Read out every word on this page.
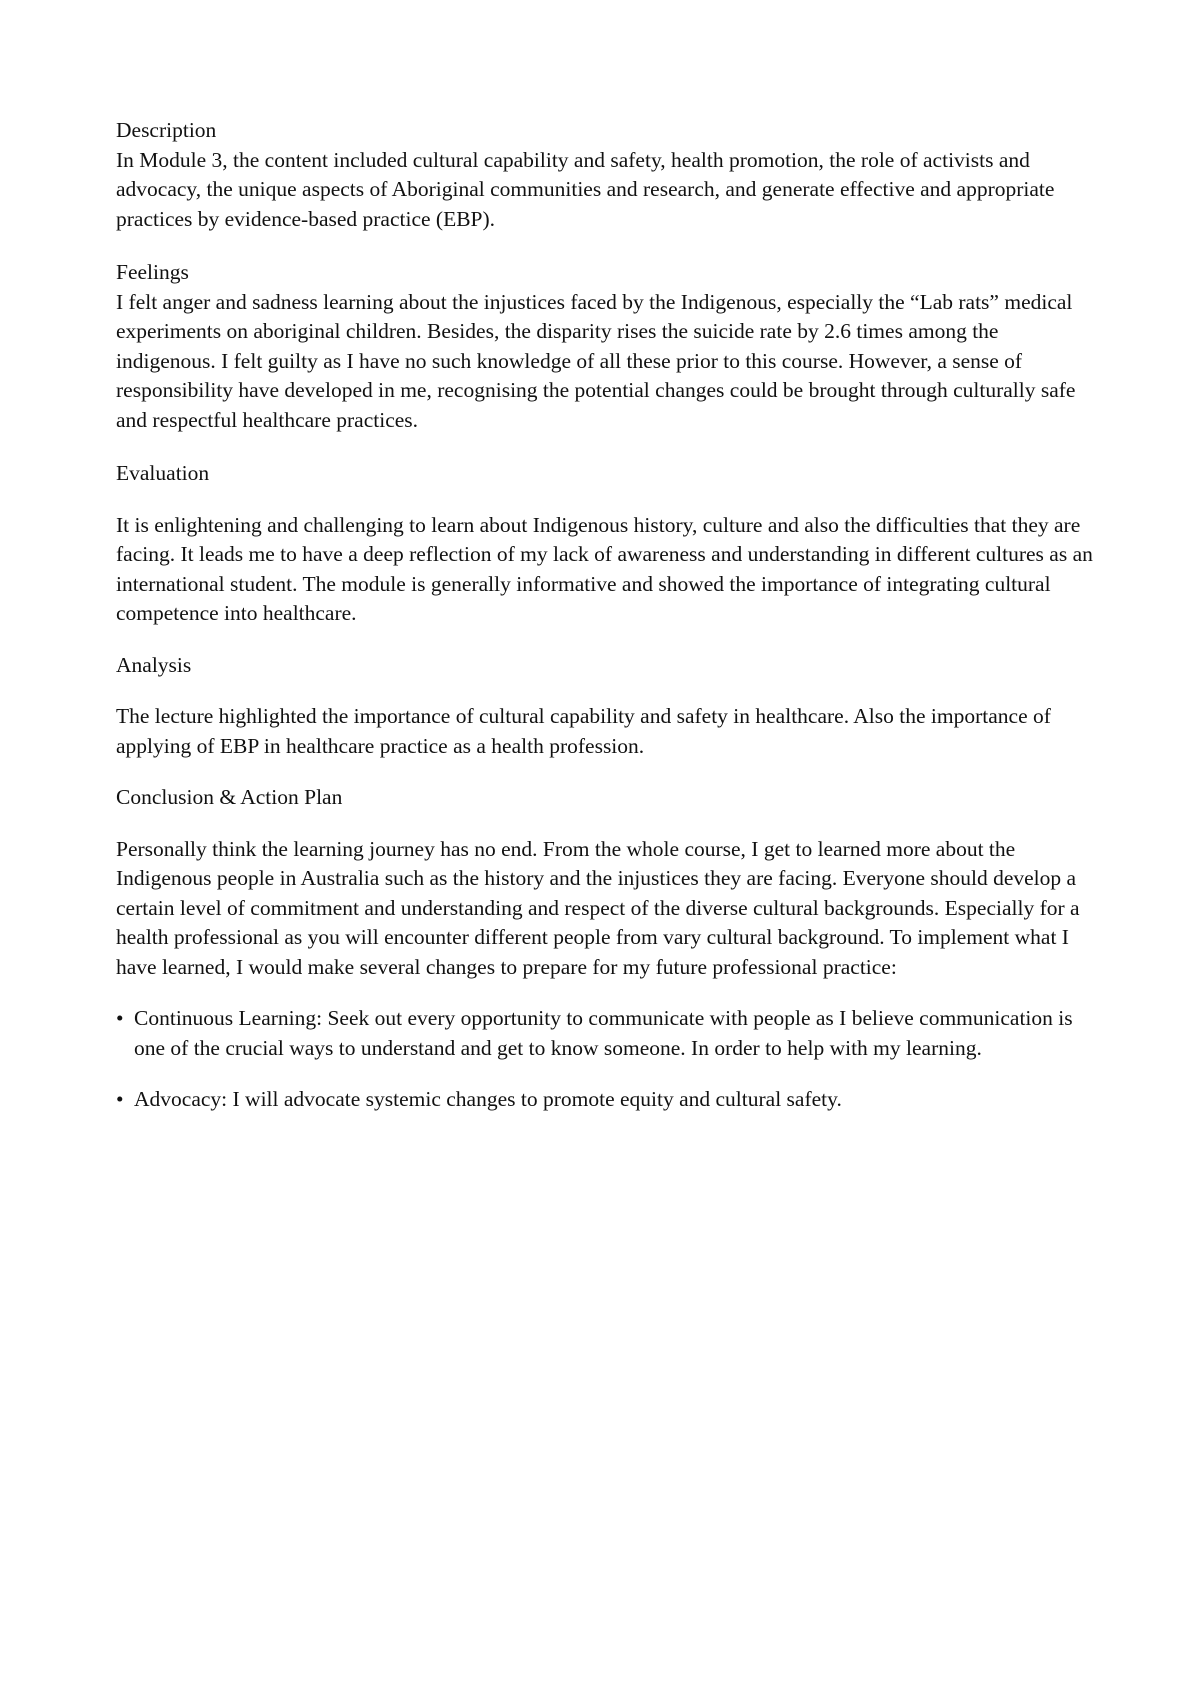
Description

In Module 3, the content included cultural capability and safety, health promotion, the role of activists and advocacy, the unique aspects of Aboriginal communities and research, and generate effective and appropriate practices by evidence-based practice (EBP).

Feelings

I felt anger and sadness learning about the injustices faced by the Indigenous, especially the “Lab rats” medical experiments on aboriginal children. Besides, the disparity rises the suicide rate by 2.6 times among the indigenous. I felt guilty as I have no such knowledge of all these prior to this course. However, a sense of responsibility have developed in me, recognising the potential changes could be brought through culturally safe and respectful healthcare practices.

Evaluation

It is enlightening and challenging to learn about Indigenous history, culture and also the difficulties that they are facing. It leads me to have a deep reflection of my lack of awareness and understanding in different cultures as an international student. The module is generally informative and showed the importance of integrating cultural competence into healthcare.

Analysis

The lecture highlighted the importance of cultural capability and safety in healthcare. Also the importance of applying of EBP in healthcare practice as a health profession.

Conclusion & Action Plan

Personally think the learning journey has no end. From the whole course, I get to learned more about the Indigenous people in Australia such as the history and the injustices they are facing. Everyone should develop a certain level of commitment and understanding and respect of the diverse cultural backgrounds. Especially for a health professional as you will encounter different people from vary cultural background. To implement what I have learned, I would make several changes to prepare for my future professional practice:

• Continuous Learning: Seek out every opportunity to communicate with people as I believe communication is one of the crucial ways to understand and get to know someone. In order to help with my learning.
• Advocacy: I will advocate systemic changes to promote equity and cultural safety.
